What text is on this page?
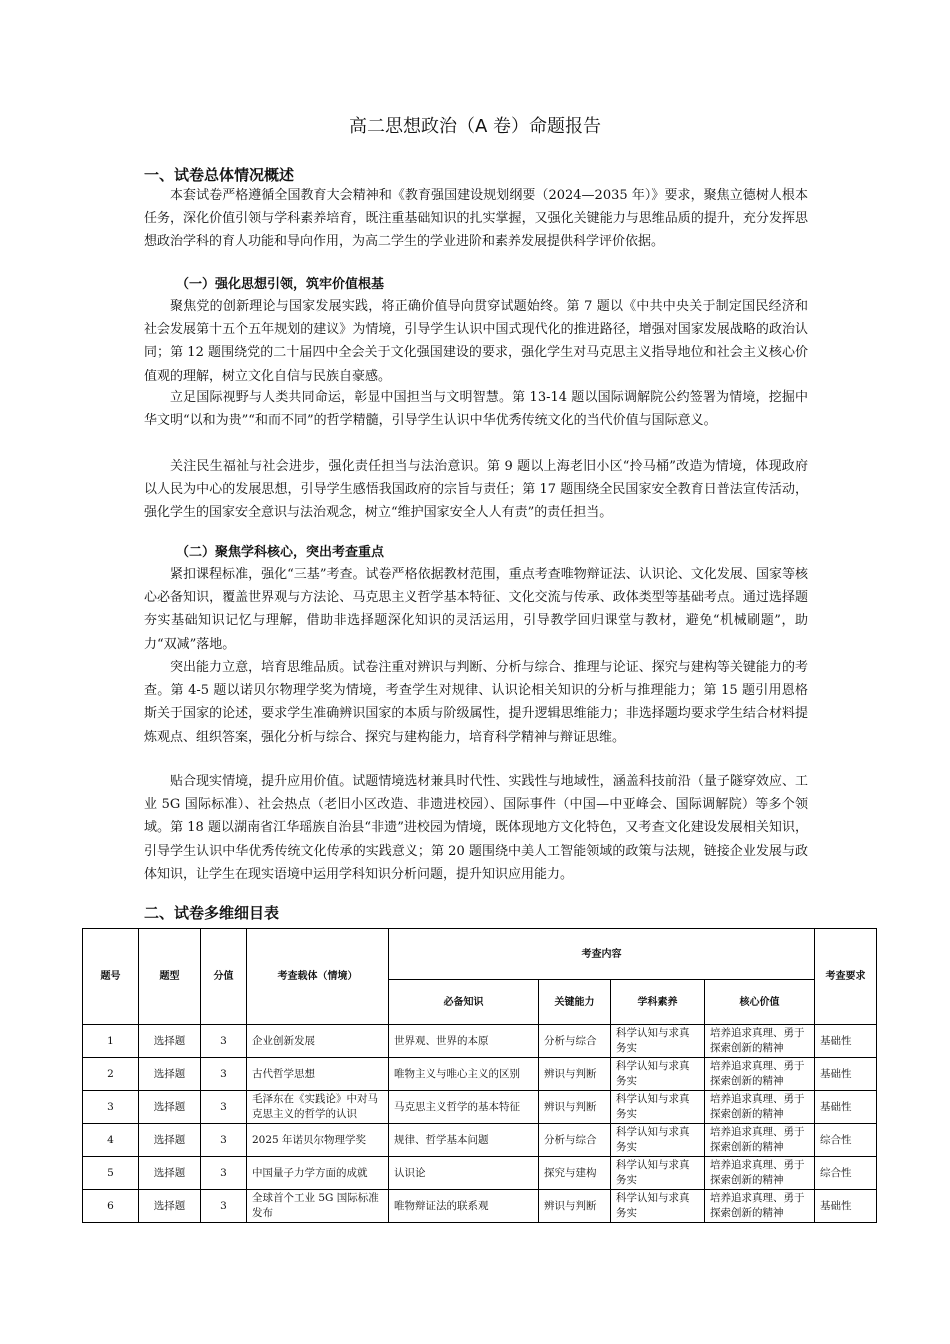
高二思想政治（A 卷）命题报告
一、试卷总体情况概述

本套试卷严格遵循全国教育大会精神和《教育强国建设规划纲要（2024—2035 年）》要求，聚焦立德树人根本任务，深化价值引领与学科素养培育，既注重基础知识的扎实掌握，又强化关键能力与思维品质的提升，充分发挥思想政治学科的育人功能和导向作用，为高二学生的学业进阶和素养发展提供科学评价依据。

（一）强化思想引领，筑牢价值根基

聚焦党的创新理论与国家发展实践，将正确价值导向贯穿试题始终。第 7 题以《中共中央关于制定国民经济和社会发展第十五个五年规划的建议》为情境，引导学生认识中国式现代化的推进路径，增强对国家发展战略的政治认同；第 12 题围绕党的二十届四中全会关于文化强国建设的要求，强化学生对马克思主义指导地位和社会主义核心价值观的理解，树立文化自信与民族自豪感。

立足国际视野与人类共同命运，彰显中国担当与文明智慧。第 13-14 题以国际调解院公约签署为情境，挖掘中华文明“以和为贵”“和而不同”的哲学精髓，引导学生认识中华优秀传统文化的当代价值与国际意义。

关注民生福祉与社会进步，强化责任担当与法治意识。第 9 题以上海老旧小区“拎马桶”改造为情境，体现政府以人民为中心的发展思想，引导学生感悟我国政府的宗旨与责任；第 17 题围绕全民国家安全教育日普法宣传活动，强化学生的国家安全意识与法治观念，树立“维护国家安全人人有责”的责任担当。

（二）聚焦学科核心，突出考查重点

紧扣课程标准，强化“三基”考查。试卷严格依据教材范围，重点考查唯物辩证法、认识论、文化发展、国家等核心必备知识，覆盖世界观与方法论、马克思主义哲学基本特征、文化交流与传承、政体类型等基础考点。通过选择题夯实基础知识记忆与理解，借助非选择题深化知识的灵活运用，引导教学回归课堂与教材，避免“机械刷题”，助力“双减”落地。

突出能力立意，培育思维品质。试卷注重对辨识与判断、分析与综合、推理与论证、探究与建构等关键能力的考查。第 4-5 题以诺贝尔物理学奖为情境，考查学生对规律、认识论相关知识的分析与推理能力；第 15 题引用恩格斯关于国家的论述，要求学生准确辨识国家的本质与阶级属性，提升逻辑思维能力；非选择题均要求学生结合材料提炼观点、组织答案，强化分析与综合、探究与建构能力，培育科学精神与辩证思维。

贴合现实情境，提升应用价值。试题情境选材兼具时代性、实践性与地域性，涵盖科技前沿（量子隧穿效应、工业 5G 国际标准）、社会热点（老旧小区改造、非遗进校园）、国际事件（中国—中亚峰会、国际调解院）等多个领域。第 18 题以湖南省江华瑶族自治县“非遗”进校园为情境，既体现地方文化特色，又考查文化建设发展相关知识，引导学生认识中华优秀传统文化传承的实践意义；第 20 题围绕中美人工智能领域的政策与法规，链接企业发展与政体知识，让学生在现实语境中运用学科知识分析问题，提升知识应用能力。

二、试卷多维细目表
题号	题型	分值	考查载体（情境）	考查内容				考查要求
				必备知识	关键能力	学科素养	核心价值	
1	选择题	3	企业创新发展	世界观、世界的本原	分析与综合	科学认知与求真务实	培养追求真理、勇于探索创新的精神	基础性
2	选择题	3	古代哲学思想	唯物主义与唯心主义的区别	辨识与判断	科学认知与求真务实	培养追求真理、勇于探索创新的精神	基础性
3	选择题	3	毛泽东在《实践论》中对马克思主义的哲学的认识	马克思主义哲学的基本特征	辨识与判断	科学认知与求真务实	培养追求真理、勇于探索创新的精神	基础性
4	选择题	3	2025 年诺贝尔物理学奖	规律、哲学基本问题	分析与综合	科学认知与求真务实	培养追求真理、勇于探索创新的精神	综合性
5	选择题	3	中国量子力学方面的成就	认识论	探究与建构	科学认知与求真务实	培养追求真理、勇于探索创新的精神	综合性
6	选择题	3	全球首个工业 5G 国际标准发布	唯物辩证法的联系观	辨识与判断	科学认知与求真务实	培养追求真理、勇于探索创新的精神	基础性
